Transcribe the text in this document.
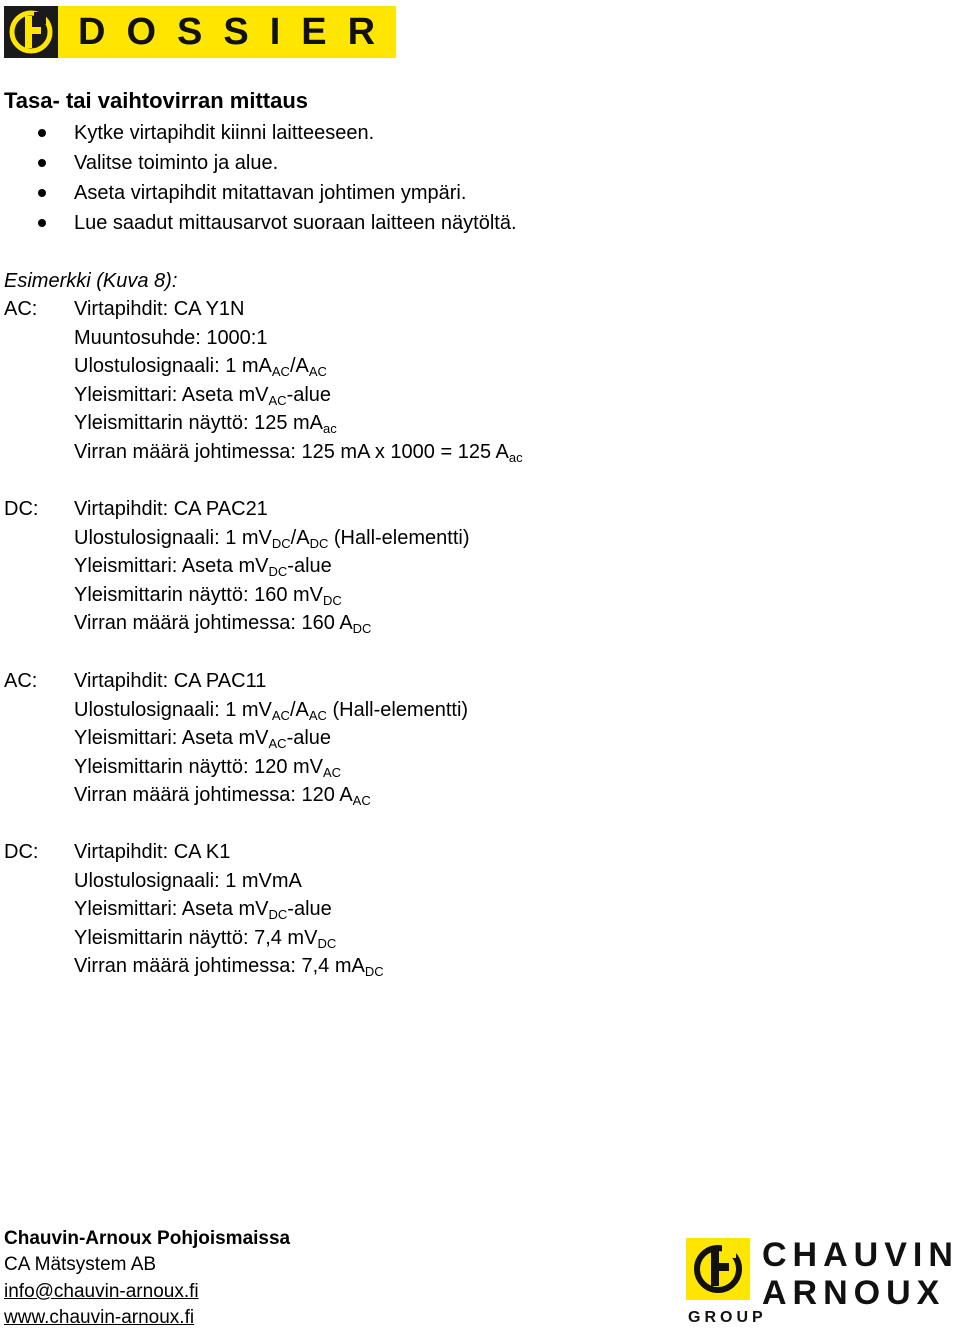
DOSSIER
Tasa- tai vaihtovirran mittaus
Kytke virtapihdit kiinni laitteeseen.
Valitse toiminto ja alue.
Aseta virtapihdit mitattavan johtimen ympäri.
Lue saadut mittausarvot suoraan laitteen näytöltä.
Esimerkki (Kuva 8):
AC: Virtapihdit: CA Y1N
Muuntosuhde: 1000:1
Ulostulosignaali: 1 $mA_{AC}/A_{AC}$
Yleismittari: Aseta $mV_{AC}$-alue
Yleismittarin näyttö: 125 $mA_{ac}$
Virran määrä johtimessa: 125 mA x 1000 = 125 $A_{ac}$
DC: Virtapihdit: CA PAC21
Ulostulosignaali: 1 $mV_{DC}/A_{DC}$ (Hall-elementti)
Yleismittari: Aseta $mV_{DC}$-alue
Yleismittarin näyttö: 160 $mV_{DC}$
Virran määrä johtimessa: 160 $A_{DC}$
AC: Virtapihdit: CA PAC11
Ulostulosignaali: 1 $mV_{AC}/A_{AC}$ (Hall-elementti)
Yleismittari: Aseta $mV_{AC}$-alue
Yleismittarin näyttö: 120 $mV_{AC}$
Virran määrä johtimessa: 120 $A_{AC}$
DC: Virtapihdit: CA K1
Ulostulosignaali: 1 mVmA
Yleismittari: Aseta $mV_{DC}$-alue
Yleismittarin näyttö: 7,4 $mV_{DC}$
Virran määrä johtimessa: 7,4 $mA_{DC}$
Chauvin-Arnoux Pohjoismaissa
CA Mätsystem AB
info@chauvin-arnoux.fi
www.chauvin-arnoux.fi
CHAUVIN
ARNOUX
GROUP
